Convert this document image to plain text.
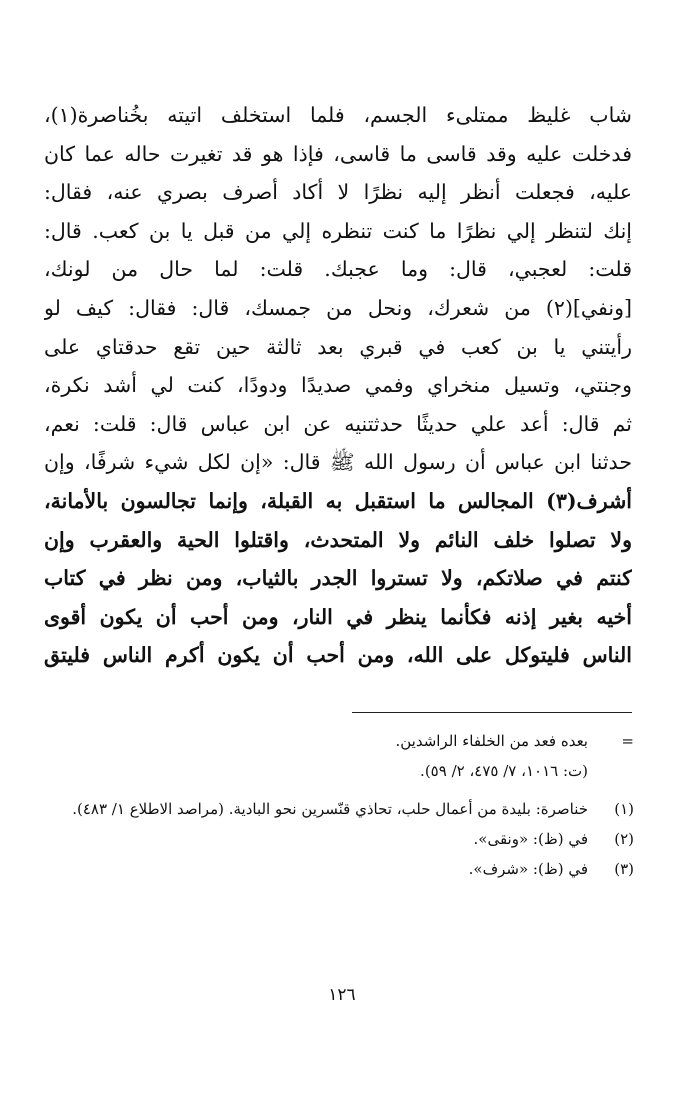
شاب غليظ ممتلىء الجسم، فلما استخلف اتيته بخُناصرة(١)،
فدخلت عليه وقد قاسى ما قاسى، فإذا هو قد تغيرت حاله عما كان
عليه، فجعلت أنظر إليه نظرًا لا أكاد أصرف بصري عنه، فقال:
إنك لتنظر إلي نظرًا ما كنت تنظره إلي من قبل يا بن كعب. قال:
قلت: لعجبي، قال: وما عجبك. قلت: لما حال من لونك،
[ونفي](٢) من شعرك، ونحل من جمسك، قال: فقال: كيف لو
رأيتني يا بن كعب في قبري بعد ثالثة حين تقع حدقتاي على
وجنتي، وتسيل منخراي وفمي صديدًا ودودًا، كنت لي أشد نكرة،
ثم قال: أعد علي حديثًا حدثتنيه عن ابن عباس قال: قلت: نعم،
حدثنا ابن عباس أن رسول الله ﷺ قال: «إن لكل شيء شرفًا، وإن
أشرف(٣) المجالس ما استقبل به القبلة، وإنما تجالسون بالأمانة،
ولا تصلوا خلف النائم ولا المتحدث، واقتلوا الحية والعقرب وإن
كنتم في صلاتكم، ولا تستروا الجدر بالثياب، ومن نظر في كتاب
أخيه بغير إذنه فكأنما ينظر في النار، ومن أحب أن يكون أقوى
الناس فليتوكل على الله، ومن أحب أن يكون أكرم الناس فليتق
=
بعده فعد من الخلفاء الراشدين.
(ت: ١٠١٦، ٧/ ٤٧٥، ٢/ ٥٩).
(١)
خناصرة: بليدة من أعمال حلب، تحاذي قنّسرين نحو البادية. (مراصد الاطلاع ١/ ٤٨٣).
(٢)
في (ظ): «ونقى».
(٣)
في (ظ): «شرف».
١٢٦
